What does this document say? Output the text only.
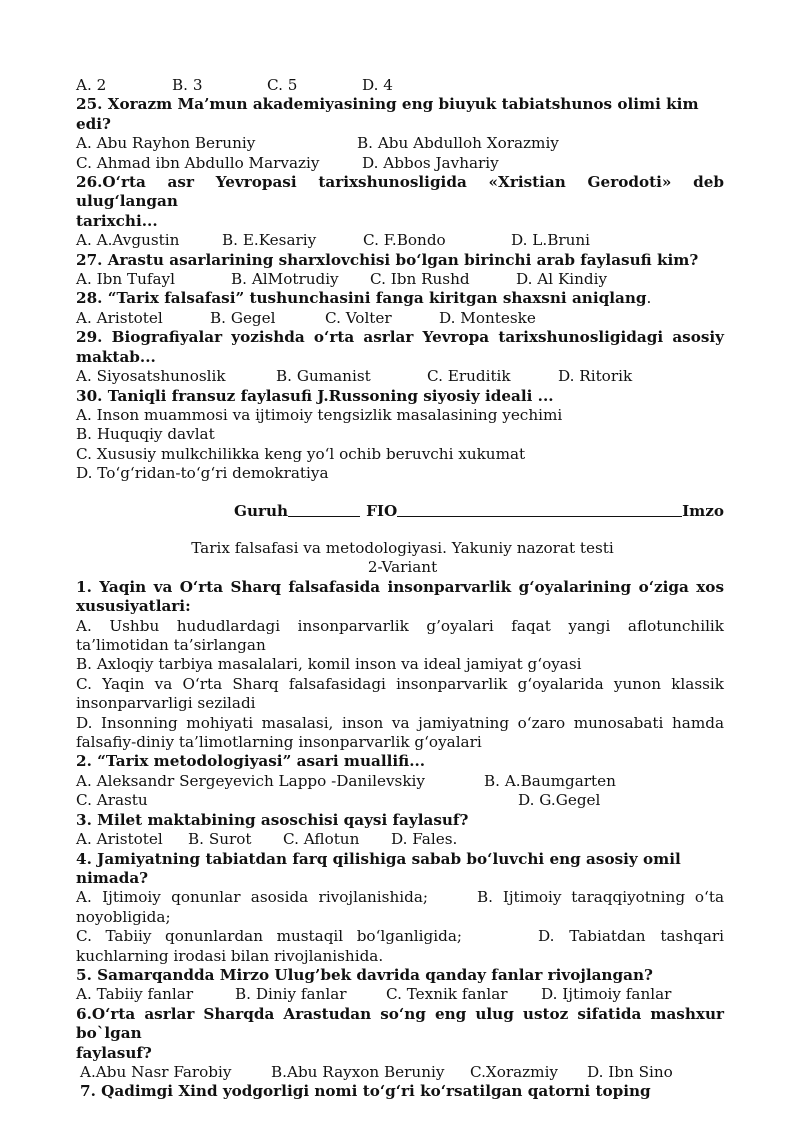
A. 2	B. 3	C. 5	D. 4
25. Xorazm Ma’mun akademiyasining eng biuyuk tabiatshunos olimi kim edi?
A. Abu Rayhon Beruniy	B. Abu Abdulloh Xorazmiy
C. Ahmad ibn Abdullo Marvaziy	D. Abbos Javhariy
26.O‘rta asr Yevropasi tarixshunosligida «Xristian Gerodoti» deb ulug‘langan
tarixchi...
A. A.Avgustin	B. E.Kesariy	C. F.Bondo	D. L.Bruni
27. Arastu asarlarining sharxlovchisi bo‘lgan birinchi arab faylasufi kim?
A. Ibn Tufayl	B. AlMotrudiy	C. Ibn Rushd	D. Al Kindiy
28. “Tarix falsafasi” tushunchasini fanga kiritgan shaxsni aniqlang.
A. Aristotel	B. Gegel	C. Volter	D. Monteske
29. Biografiyalar yozishda o‘rta asrlar Yevropa tarixshunosligidagi asosiy
maktab...
A. Siyosatshunoslik	B. Gumanist	C. Eruditik	D. Ritorik
30. Taniqli fransuz faylasufi J.Russoning siyosiy ideali ...
A. Inson muammosi va ijtimoiy tengsizlik masalasining yechimi
B. Huquqiy davlat
C. Xususiy mulkchilikka keng yo‘l ochib beruvchi xukumat
D. To‘g‘ridan-to‘g‘ri demokratiya
Guruh	FIO	Imzo
Tarix falsafasi va metodologiyasi. Yakuniy nazorat testi
2-Variant
1. Yaqin va O‘rta Sharq falsafasida insonparvarlik g‘oyalarining o‘ziga xos xususiyatlari:
A. Ushbu hududlardagi insonparvarlik g’oyalari faqat yangi aflotunchilik ta’limotidan ta’sirlangan
B. Axloqiy tarbiya masalalari, komil inson va ideal jamiyat g‘oyasi
C. Yaqin va O‘rta Sharq falsafasidagi insonparvarlik g‘oyalarida yunon klassik insonparvarligi seziladi
D. Insonning mohiyati masalasi, inson va jamiyatning o‘zaro munosabati hamda falsafiy-diniy ta’limotlarning insonparvarlik g‘oyalari
2. “Tarix metodologiyasi” asari muallifi...
A. Aleksandr Sergeyevich Lappo -Danilevskiy	B. A.Baumgarten
C. Arastu	D. G.Gegel
3. Milet maktabining asoschisi qaysi faylasuf?
A. Aristotel	B. Surot	C. Aflotun	D. Fales.
4. Jamiyatning tabiatdan farq qilishiga sabab bo‘luvchi eng asosiy omil nimada?
A. Ijtimoiy qonunlar asosida rivojlanishida;	B. Ijtimoiy taraqqiyotning o‘ta
noyobligida;
C. Tabiiy qonunlardan mustaqil bo‘lganligida;	D. Tabiatdan tashqari
kuchlarning irodasi bilan rivojlanishida.
5. Samarqandda Mirzo Ulug’bek davrida qanday fanlar rivojlangan?
A. Tabiiy fanlar	B. Diniy fanlar	C. Texnik fanlar	D. Ijtimoiy fanlar
6.O‘rta asrlar Sharqda Arastudan so‘ng eng ulug ustoz sifatida mashxur bo`lgan
faylasuf?
A.Abu Nasr Farobiy	B.Abu Rayxon Beruniy	C.Xorazmiy	D. Ibn Sino
7. Qadimgi Xind yodgorligi nomi to‘g‘ri ko‘rsatilgan qatorni toping
